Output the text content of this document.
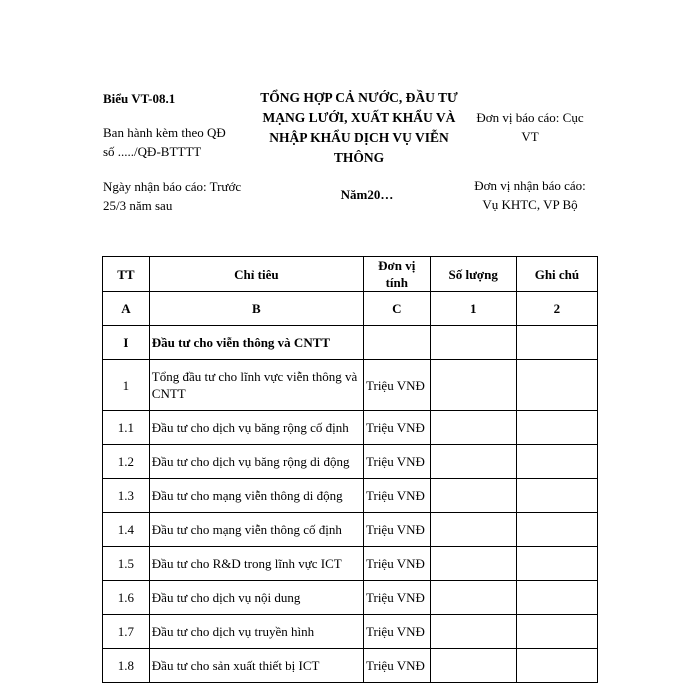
Biểu VT-08.1

Ban hành kèm theo QĐ
số ...../QĐ-BTTTT
Ngày nhận báo cáo: Trước
25/3 năm sau
TỔNG HỢP CẢ NƯỚC, ĐẦU TƯ
MẠNG LƯỚI, XUẤT KHẨU VÀ
NHẬP KHẨU DỊCH VỤ VIỄN
THÔNG

Năm20…

Đơn vị báo cáo: Cục
VT
Đơn vị nhận báo cáo:
Vụ KHTC, VP Bộ
TT	Chỉ tiêu	Đơn vị tính	Số lượng	Ghi chú
A	B	C	1	2
I	Đầu tư cho viễn thông và CNTT			
1	Tổng đầu tư cho lĩnh vực viễn thông và CNTT	Triệu VNĐ		
1.1	Đầu tư cho dịch vụ băng rộng cố định	Triệu VNĐ		
1.2	Đầu tư cho dịch vụ băng rộng di động	Triệu VNĐ		
1.3	Đầu tư cho mạng viễn thông di động	Triệu VNĐ		
1.4	Đầu tư cho mạng viễn thông cố định	Triệu VNĐ		
1.5	Đầu tư cho R&D trong lĩnh vực ICT	Triệu VNĐ		
1.6	Đầu tư cho dịch vụ nội dung	Triệu VNĐ		
1.7	Đầu tư cho dịch vụ truyền hình	Triệu VNĐ		
1.8	Đầu tư cho sản xuất thiết bị ICT	Triệu VNĐ		
